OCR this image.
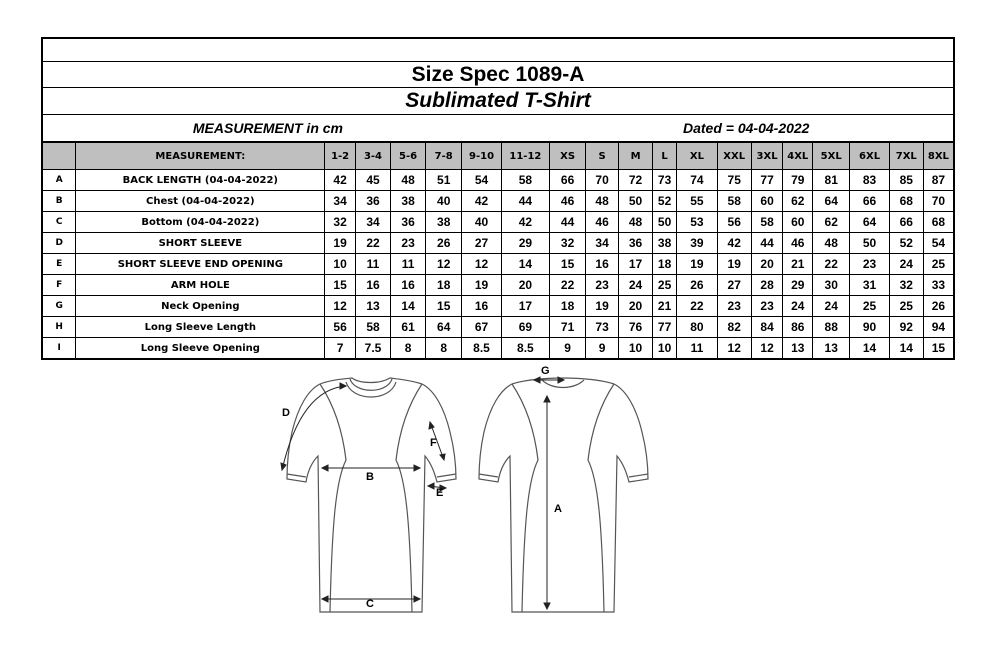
Size Spec 1089-A
Sublimated T-Shirt
MEASUREMENT in cm		Dated = 04-04-2022
	MEASUREMENT:	1-2	3-4	5-6	7-8	9-10	11-12	XS	S	M	L	XL	XXL	3XL	4XL	5XL	6XL	7XL	8XL
A	BACK LENGTH (04-04-2022)	42	45	48	51	54	58	66	70	72	73	74	75	77	79	81	83	85	87
B	Chest (04-04-2022)	34	36	38	40	42	44	46	48	50	52	55	58	60	62	64	66	68	70
C	Bottom (04-04-2022)	32	34	36	38	40	42	44	46	48	50	53	56	58	60	62	64	66	68
D	SHORT SLEEVE	19	22	23	26	27	29	32	34	36	38	39	42	44	46	48	50	52	54
E	SHORT SLEEVE END OPENING	10	11	11	12	12	14	15	16	17	18	19	19	20	21	22	23	24	25
F	ARM HOLE	15	16	16	18	19	20	22	23	24	25	26	27	28	29	30	31	32	33
G	Neck Opening	12	13	14	15	16	17	18	19	20	21	22	23	23	24	24	25	25	26
H	Long Sleeve Length	56	58	61	64	67	69	71	73	76	77	80	82	84	86	88	90	92	94
I	Long Sleeve Opening	7	7.5	8	8	8.5	8.5	9	9	10	10	11	12	12	13	13	14	14	15
B
C
D
F
E
G
A
